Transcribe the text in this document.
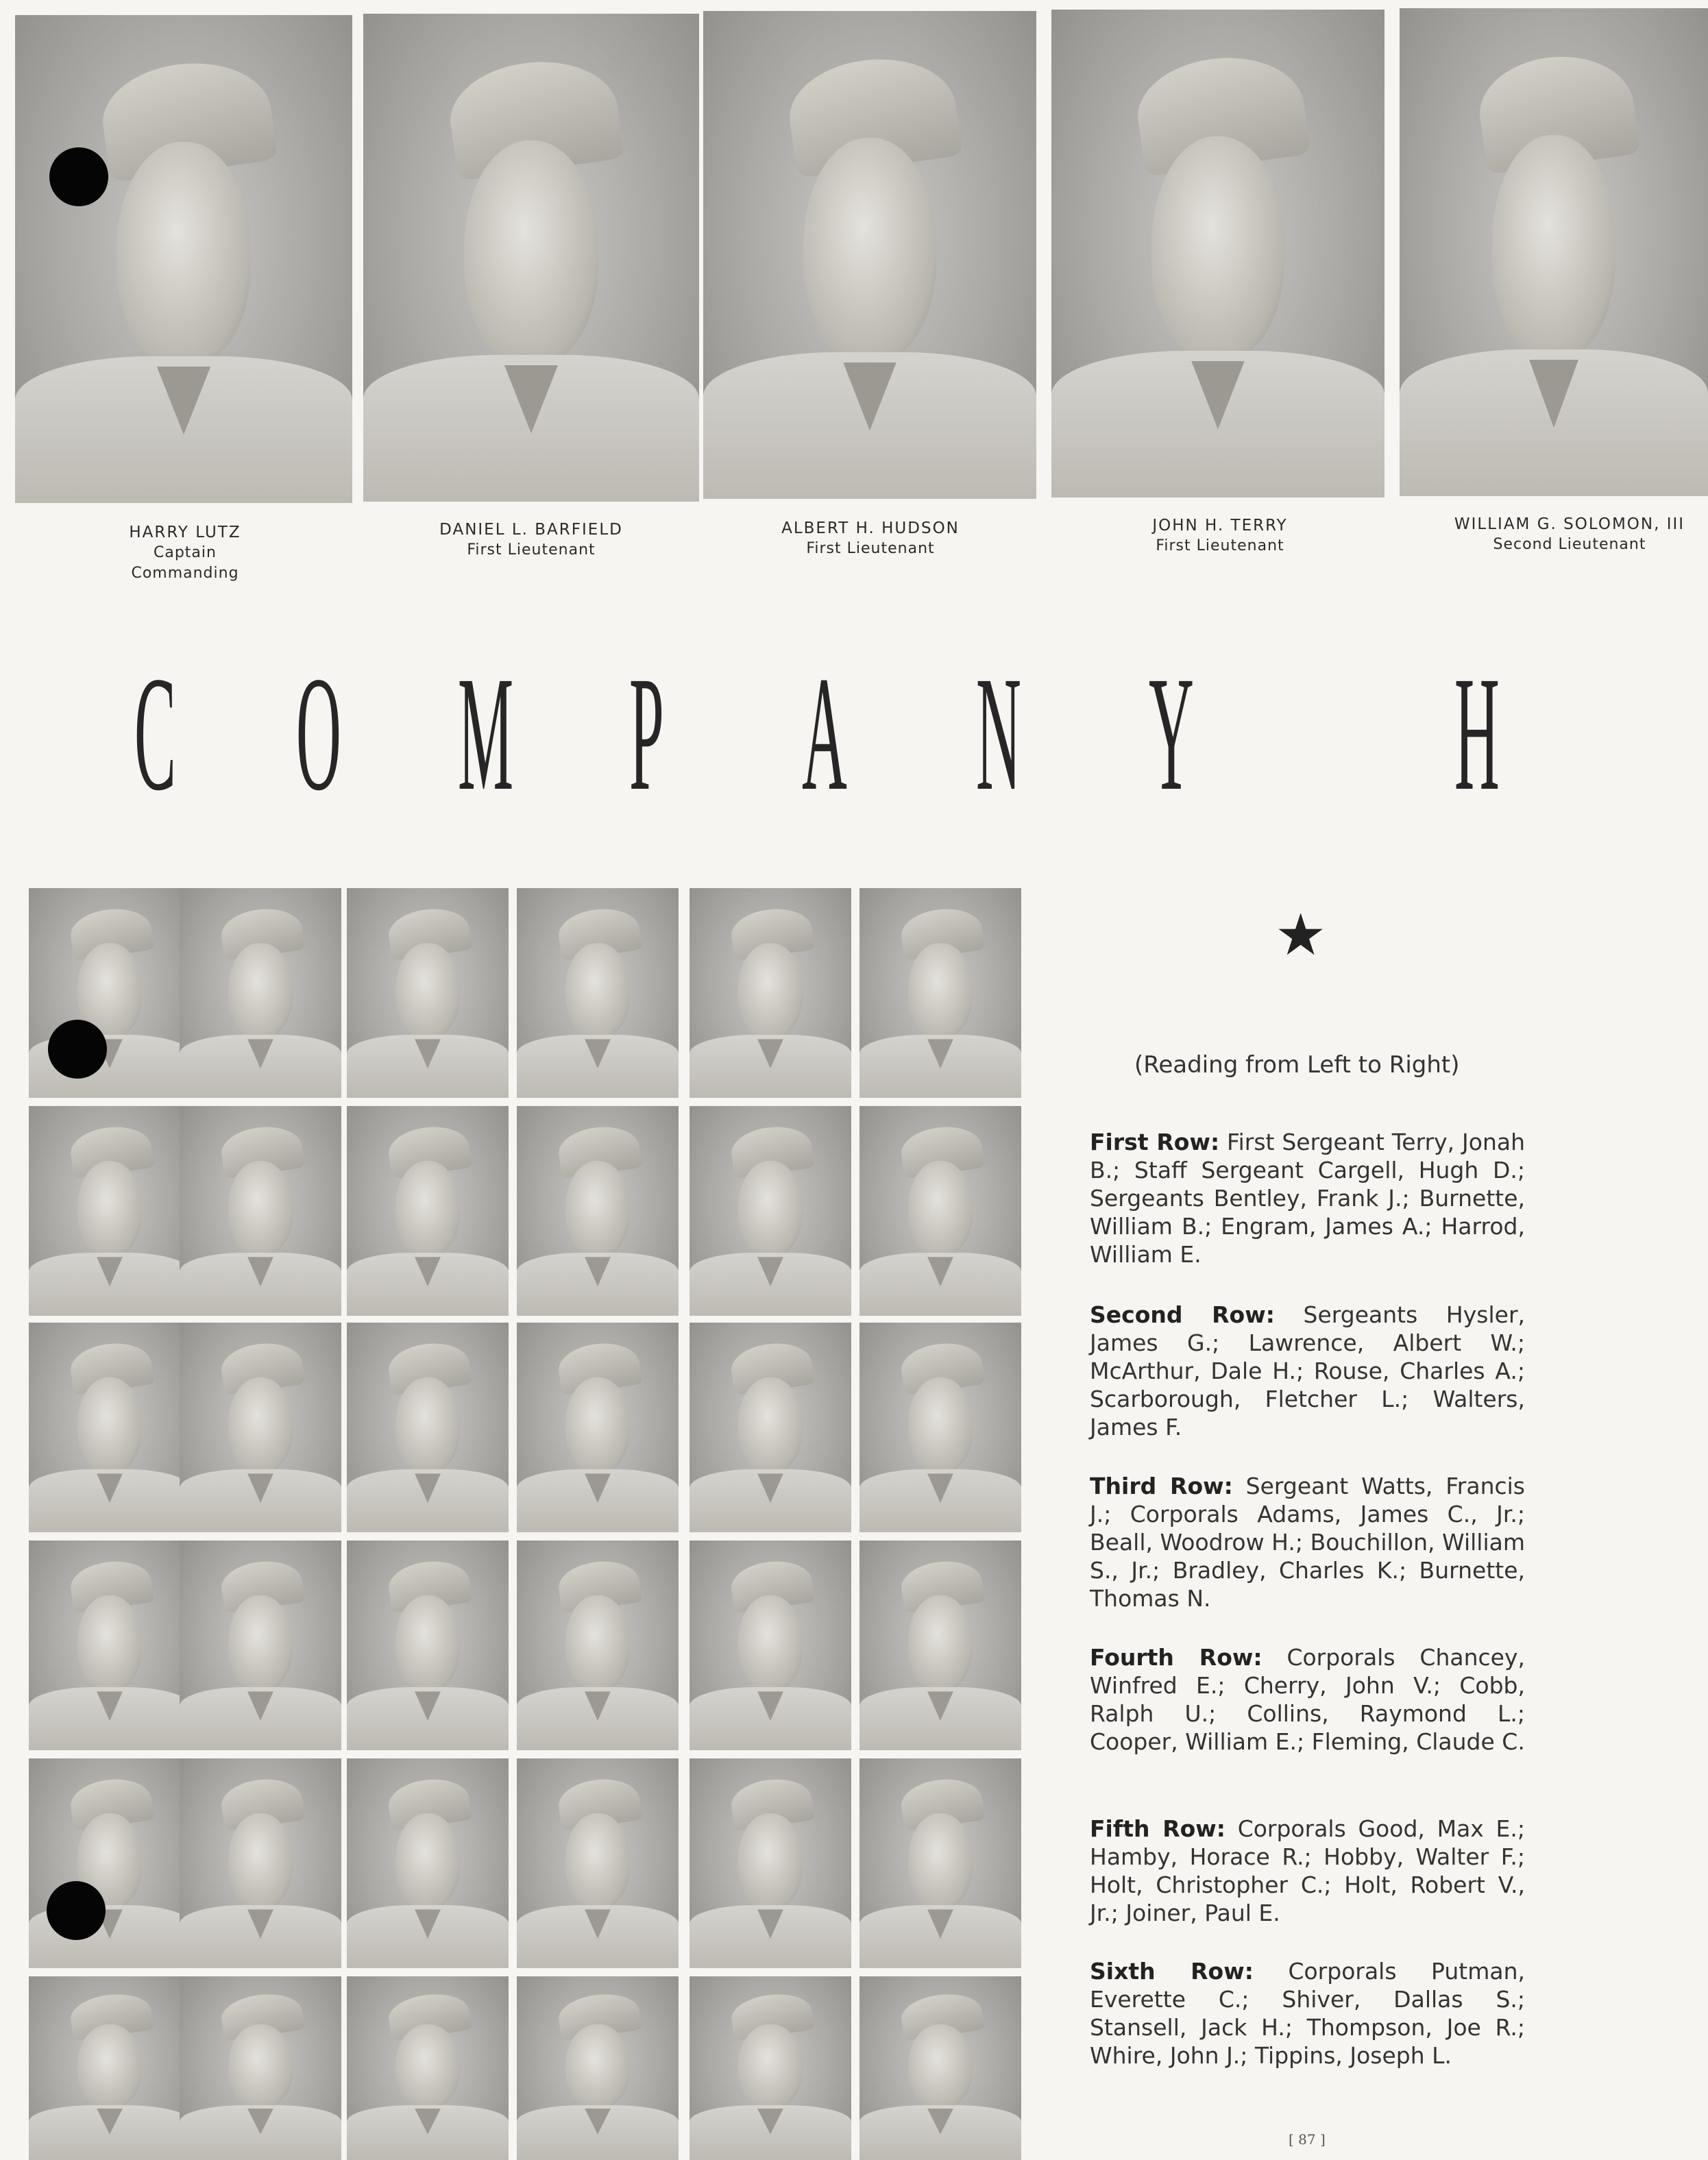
HARRY LUTZ
Captain
Commanding
DANIEL L. BARFIELD
First Lieutenant
ALBERT H. HUDSON
First Lieutenant
JOHN H. TERRY
First Lieutenant
WILLIAM G. SOLOMON, III
Second Lieutenant
C O M P A N Y H
★
(Reading from Left to Right)
First Row: First Sergeant Terry, Jonah B.; Staff Sergeant Cargell, Hugh D.; Sergeants Bentley, Frank J.; Burnette, William B.; Engram, James A.; Harrod, William E.
Second Row: Sergeants Hysler, James G.; Lawrence, Albert W.; McArthur, Dale H.; Rouse, Charles A.; Scarborough, Fletcher L.; Walters, James F.
Third Row: Sergeant Watts, Francis J.; Corporals Adams, James C., Jr.; Beall, Woodrow H.; Bouchillon, William S., Jr.; Bradley, Charles K.; Burnette, Thomas N.
Fourth Row: Corporals Chancey, Winfred E.; Cherry, John V.; Cobb, Ralph U.; Collins, Raymond L.; Cooper, William E.; Fleming, Claude C.
Fifth Row: Corporals Good, Max E.; Hamby, Horace R.; Hobby, Walter F.; Holt, Christopher C.; Holt, Robert V., Jr.; Joiner, Paul E.
Sixth Row: Corporals Putman, Everette C.; Shiver, Dallas S.; Stansell, Jack H.; Thompson, Joe R.; Whire, John J.; Tippins, Joseph L.
[ 87 ]
